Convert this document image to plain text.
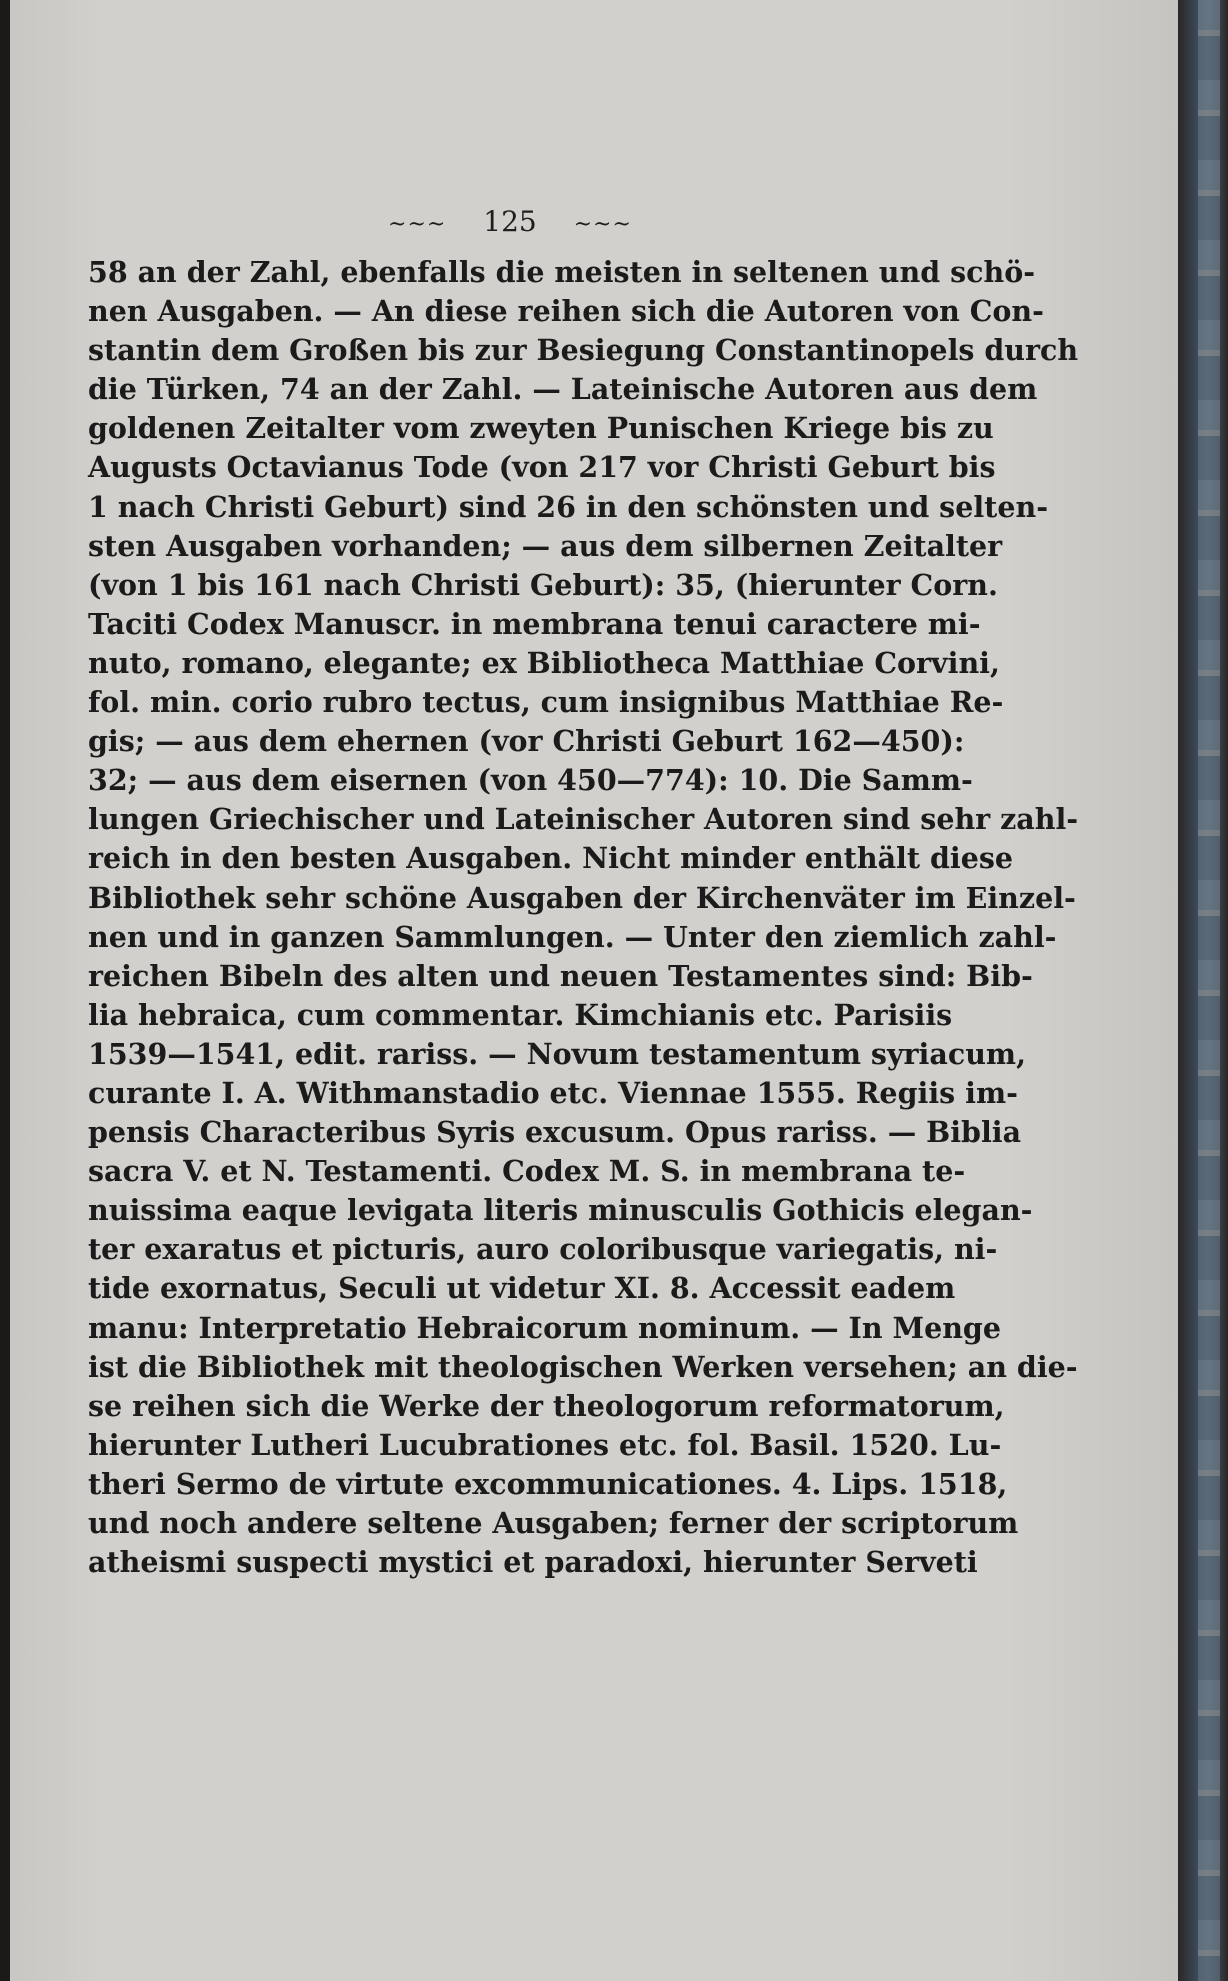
~~~ 125 ~~~
58 an der Zahl, ebenfalls die meisten in seltenen und schö-
nen Ausgaben. — An diese reihen sich die Autoren von Con-
stantin dem Großen bis zur Besiegung Constantinopels durch
die Türken, 74 an der Zahl. — Lateinische Autoren aus dem
goldenen Zeitalter vom zweyten Punischen Kriege bis zu
Augusts Octavianus Tode (von 217 vor Christi Geburt bis
1 nach Christi Geburt) sind 26 in den schönsten und selten-
sten Ausgaben vorhanden; — aus dem silbernen Zeitalter
(von 1 bis 161 nach Christi Geburt): 35, (hierunter Corn.
Taciti Codex Manuscr. in membrana tenui caractere mi-
nuto, romano, elegante; ex Bibliotheca Matthiae Corvini,
fol. min. corio rubro tectus, cum insignibus Matthiae Re-
gis; — aus dem ehernen (vor Christi Geburt 162—450):
32; — aus dem eisernen (von 450—774): 10. Die Samm-
lungen Griechischer und Lateinischer Autoren sind sehr zahl-
reich in den besten Ausgaben. Nicht minder enthält diese
Bibliothek sehr schöne Ausgaben der Kirchenväter im Einzel-
nen und in ganzen Sammlungen. — Unter den ziemlich zahl-
reichen Bibeln des alten und neuen Testamentes sind: Bib-
lia hebraica, cum commentar. Kimchianis etc. Parisiis
1539—1541, edit. rariss. — Novum testamentum syriacum,
curante I. A. Withmanstadio etc. Viennae 1555. Regiis im-
pensis Characteribus Syris excusum. Opus rariss. — Biblia
sacra V. et N. Testamenti. Codex M. S. in membrana te-
nuissima eaque levigata literis minusculis Gothicis elegan-
ter exaratus et picturis, auro coloribusque variegatis, ni-
tide exornatus, Seculi ut videtur XI. 8. Accessit eadem
manu: Interpretatio Hebraicorum nominum. — In Menge
ist die Bibliothek mit theologischen Werken versehen; an die-
se reihen sich die Werke der theologorum reformatorum,
hierunter Lutheri Lucubrationes etc. fol. Basil. 1520. Lu-
theri Sermo de virtute excommunicationes. 4. Lips. 1518,
und noch andere seltene Ausgaben; ferner der scriptorum
atheismi suspecti mystici et paradoxi, hierunter Serveti
